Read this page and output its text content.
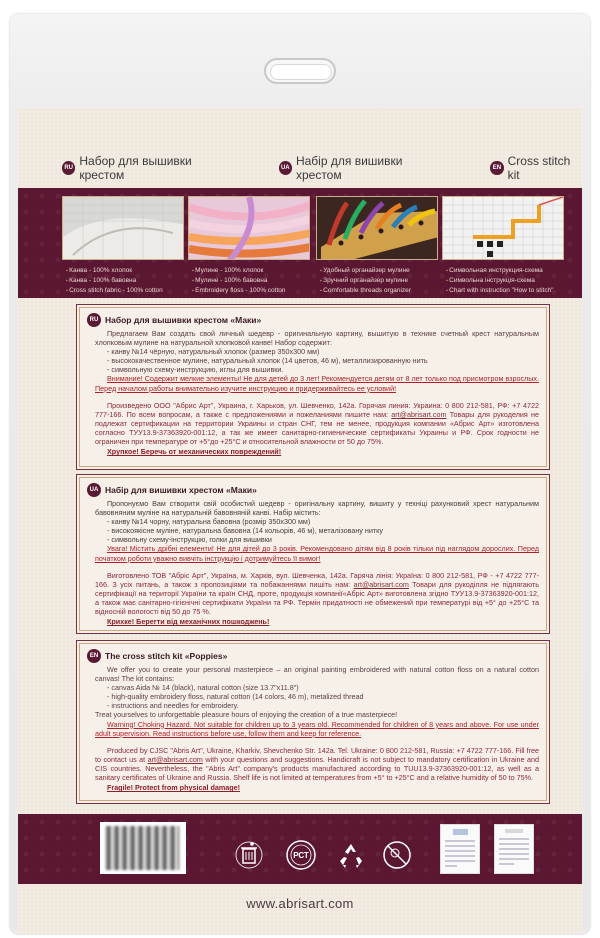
RU Набор для вышивки крестом	UA Набір для вишивки хрестом	EN Cross stitch kit
▪ Канва - 100% хлопок
▪ Канва - 100% бавовна
▪ Cross stitch fabric - 100% cotton
▪ Мулине - 100% хлопок
▪ Мулине - 100% бавовна
▪ Embroidery floss - 100% cotton
▪ Удобный органайзер мулине
▪ Зручний органайзер мулине
▪ Comfortable threads organizer
▪ Символьная инструкция-схема
▪ Символьна інструкція-схема
▪ Chart with instruction "How to stitch"
RU Набор для вышивки крестом «Маки»
Предлагаем Вам создать свой личный шедевр - оригинальную картину, вышитую в технике счетный крест натуральным хлопковым мулине на натуральной хлопковой канве! Набор содержит:
- канву №14 чёрную, натуральный хлопок (размер 350х300 мм)
- высококачественное мулине, натуральный хлопок (14 цветов, 46 м), металлизированную нить
- символьную схему-инструкцию, иглы для вышивки.
Внимание! Содержит мелкие элементы! Не для детей до 3 лет! Рекомендуется детям от 8 лет только под присмотром взрослых. Перед началом работы внимательно изучите инструкцию и придерживайтесь ее условий!
Произведено ООО "Абрис Арт", Украина, г. Харьков, ул. Шевченко, 142а. Горячая линия: Украина: 0 800 212-581, РФ: +7 4722 777-166. По всем вопросам, а также с предложениями и пожеланиями пишите нам: art@abrisart.com Товары для рукоделия не подлежат сертификации на территории Украины и стран СНГ, тем не менее, продукция компании «Абрис Арт» изготовлена согласно ТУУ13.9-37363920-001:12, а так же имеет санитарно-гигиенические сертификаты Украины и РФ. Срок годности не ограничен при температуре от +5°до +25°С и относительной влажности от 50 до 75%.
Хрупкое! Беречь от механических повреждений!
UA Набір для вишивки хрестом «Маки»
Пропонуємо Вам створити свій особистий шедевр - оригінальну картину, вишиту у техніці рахунковий хрест натуральним бавовняним муліне на натуральній бавовняній канві. Набір містить:
- канву №14 чорну, натуральна бавовна (розмір 350х300 мм)
- високоякісне муліне, натуральна бавовна (14 кольорів, 46 м), металізовану нитку
- символьну схему-інструкцію, голки для вишивки
Увага! Містить дрібні елементи! Не для дітей до 3 років. Рекомендовано дітям від 8 років тільки під наглядом дорослих. Перед початком роботи уважно вивчіть інструкцію і дотримуйтесь її вимог!
Виготовлено ТОВ "Абріс Арт", Україна, м. Харків, вул. Шевченка, 142а. Гаряча лінія: Україна: 0 800 212-581, РФ - +7 4722 777-166. З усіх питань, а також з пропозиціями та побажаннями пишіть нам: art@abrisart.com Товари для рукоділля не підлягають сертифікації на території України та країн СНД, проте, продукція компанії«Абріс Арт» виготовлена згідно ТУУ13.9-37363920-001:12, а також має санітарно-гігієнічні сертифікати України та РФ. Термін придатності не обмежений при температурі від +5° до +25°С та відносній вологості від 50 до 75 %.
Крихке! Берегти від механічних пошкоджень!
EN The cross stitch kit «Poppies»
We offer you to create your personal masterpiece – an original painting embroidered with natural cotton floss on a natural cotton canvas! The kit contains:
- canvas Aida № 14 (black), natural cotton (size 13.7"x11.8")
- high-quality embroidery floss, natural cotton (14 colors, 46 m), metalized thread
- instructions and needles for embroidery.
Treat yourselves to unforgettable pleasure hours of enjoying the creation of a true masterpiece!
Warning! Choking Hazard. Not suitable for children up to 3 years old. Recommended for children of 8 years and above. For use under adult supervision. Read instructions before use, follow them and keep for reference.
Produced by CJSC "Abris Art", Ukraine, Kharkiv, Shevchenko Str. 142a. Tel. Ukraine: 0 800 212-581, Russia: +7 4722 777-166. Fill free to contact us at art@abrisart.com with your questions and suggestions. Handicraft is not subject to mandatory certification in Ukraine and CIS countries. Nevertheless, the "Abris Art" company's products manufactured according to TUU13.9-37363920-001:12, as well as a sanitary certificates of Ukraine and Russia. Shelf life is not limited at temperatures from +5° to +25°C and a relative humidity of 50 to 75%.
Fragile! Protect from physical damage!
РСТ
www.abrisart.com
